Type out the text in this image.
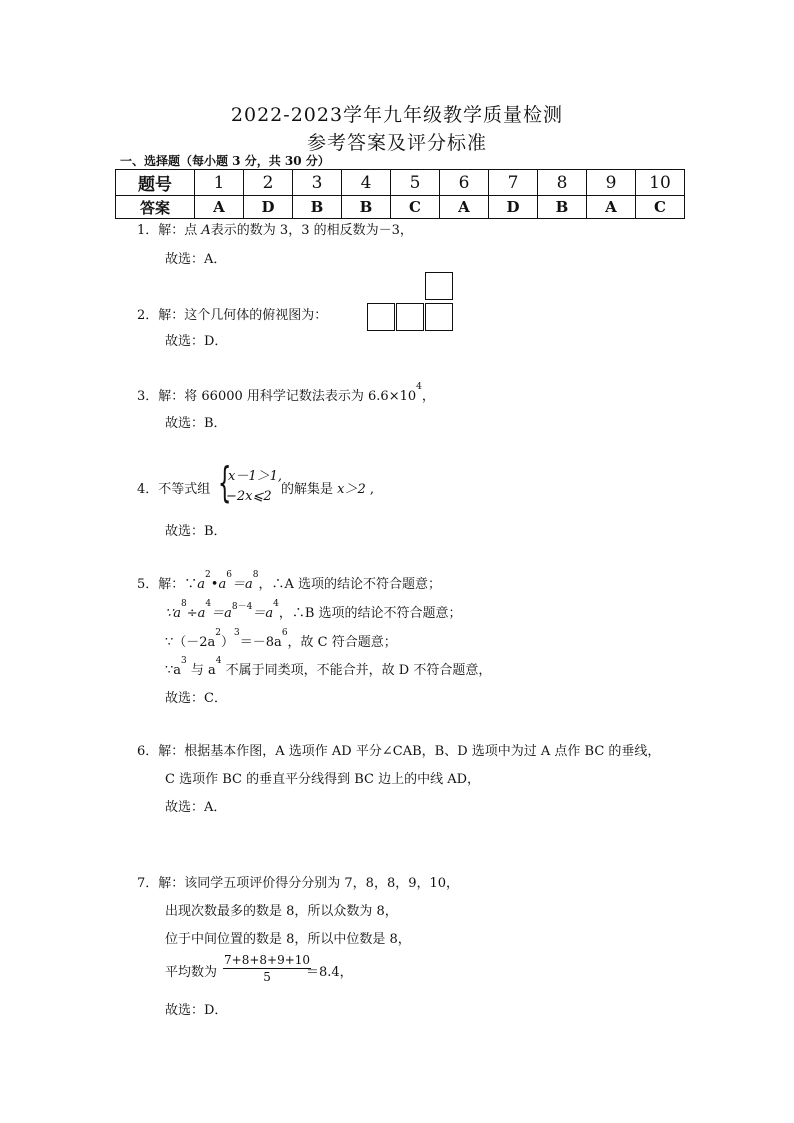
2022-2023学年九年级教学质量检测
参考答案及评分标准
一、选择题（每小题 3 分，共 30 分）
题号	1	2	3	4	5	6	7	8	9	10
答案	A	D	B	B	C	A	D	B	A	C
1．解：点 A表示的数为 3，3 的相反数为－3，
故选：A．
2．解：这个几何体的俯视图为：
故选：D．
3．解：将 66000 用科学记数法表示为 $6.6\times 10^4$，
故选：B．
4．不等式组 {
x－1＞1,
−2x⩽2 的解集是 x＞2 ,
故选：B．
5．解：$\because a^2•a^6=a^8$，∴A 选项的结论不符合题意；
$\because a^8\div a^4=a^{8-4}=a^4$，∴B 选项的结论不符合题意；
$\because(-2a^2)^3=-8a^6$，故 C 符合题意；
$\because a^3$ 与 $a^4$ 不属于同类项，不能合并，故 D 不符合题意，
故选：C．
6．解：根据基本作图，A 选项作 AD 平分∠CAB，B、D 选项中为过 A 点作 BC 的垂线，
C 选项作 BC 的垂直平分线得到 BC 边上的中线 AD，
故选：A．
7．解：该同学五项评价得分分别为 7，8，8，9，10，
出现次数最多的数是 8，所以众数为 8，
位于中间位置的数是 8，所以中位数是 8，
平均数为 $\frac{7+8+8+9+10}{5}$
＝8.4，
故选：D．
